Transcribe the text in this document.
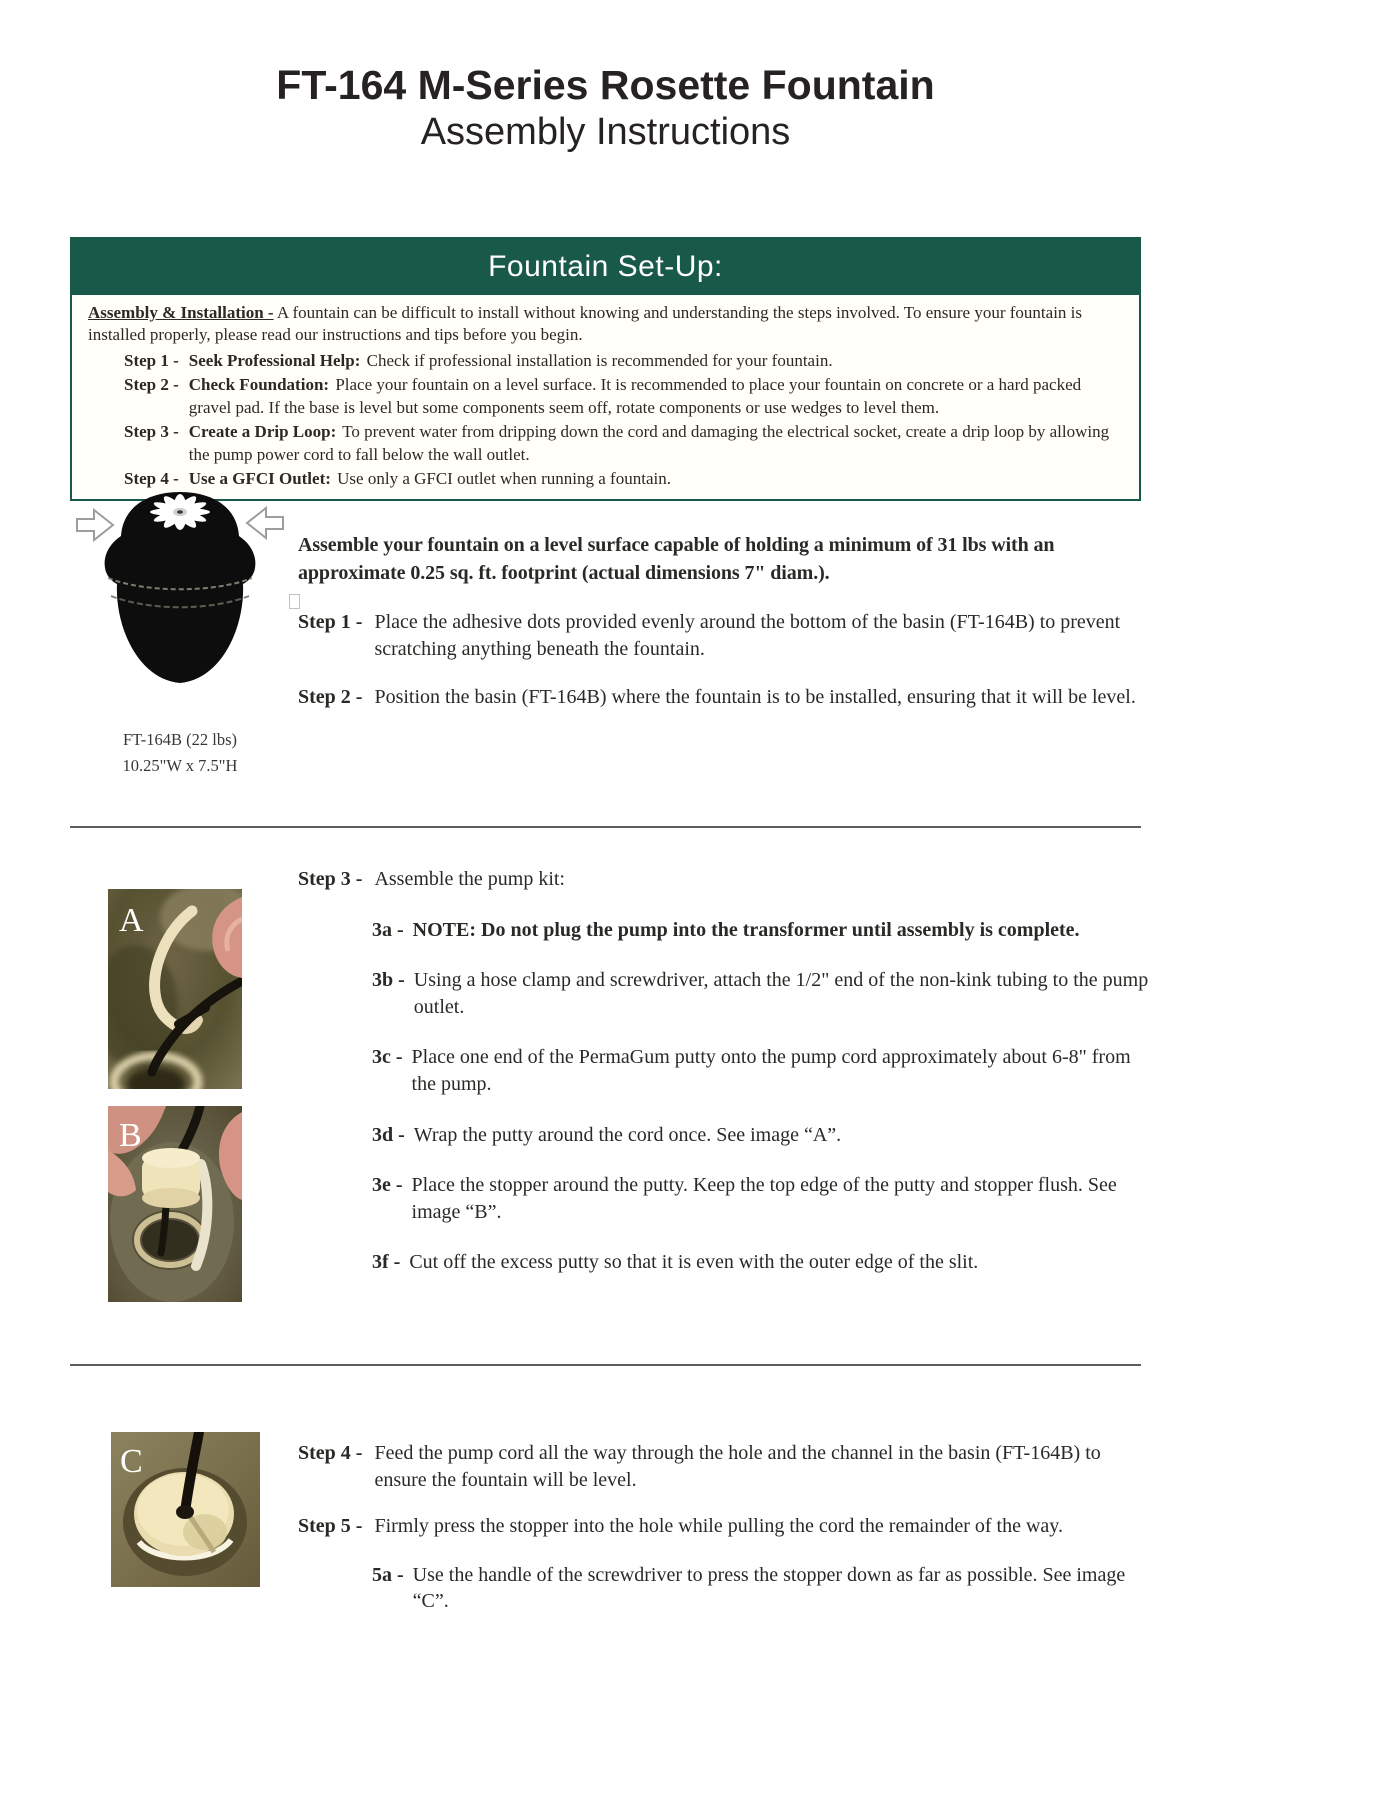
FT-164 M-Series Rosette Fountain
Assembly Instructions
Fountain Set-Up:

Assembly & Installation - A fountain can be difficult to install without knowing and understanding the steps involved. To ensure your fountain is installed properly, please read our instructions and tips before you begin.

Step 1 - Seek Professional Help: Check if professional installation is recommended for your fountain.

Step 2 - Check Foundation: Place your fountain on a level surface. It is recommended to place your fountain on concrete or a hard packed gravel pad. If the base is level but some components seem off, rotate components or use wedges to level them.

Step 3 - Create a Drip Loop: To prevent water from dripping down the cord and damaging the electrical socket, create a drip loop by allowing the pump power cord to fall below the wall outlet.

Step 4 - Use a GFCI Outlet: Use only a GFCI outlet when running a fountain.

FT-164B (22 lbs)
10.25"W x 7.5"H

Assemble your fountain on a level surface capable of holding a minimum of 31 lbs with an approximate 0.25 sq. ft. footprint (actual dimensions 7" diam.).

Step 1 - Place the adhesive dots provided evenly around the bottom of the basin (FT-164B) to prevent scratching anything beneath the fountain.

Step 2 - Position the basin (FT-164B) where the fountain is to be installed, ensuring that it will be level.

A
B
Step 3 - Assemble the pump kit:

3a - NOTE: Do not plug the pump into the transformer until assembly is complete.

3b - Using a hose clamp and screwdriver, attach the 1/2" end of the non-kink tubing to the pump outlet.

3c - Place one end of the PermaGum putty onto the pump cord approximately about 6-8" from the pump.

3d - Wrap the putty around the cord once. See image “A”.

3e - Place the stopper around the putty. Keep the top edge of the putty and stopper flush. See image “B”.

3f - Cut off the excess putty so that it is even with the outer edge of the slit.

C	Step 4 - Feed the pump cord all the way through the hole and the channel in the basin (FT-164B) to ensure the fountain will be level.

Step 5 - Firmly press the stopper into the hole while pulling the cord the remainder of the way.

5a - Use the handle of the screwdriver to press the stopper down as far as possible. See image “C”.
